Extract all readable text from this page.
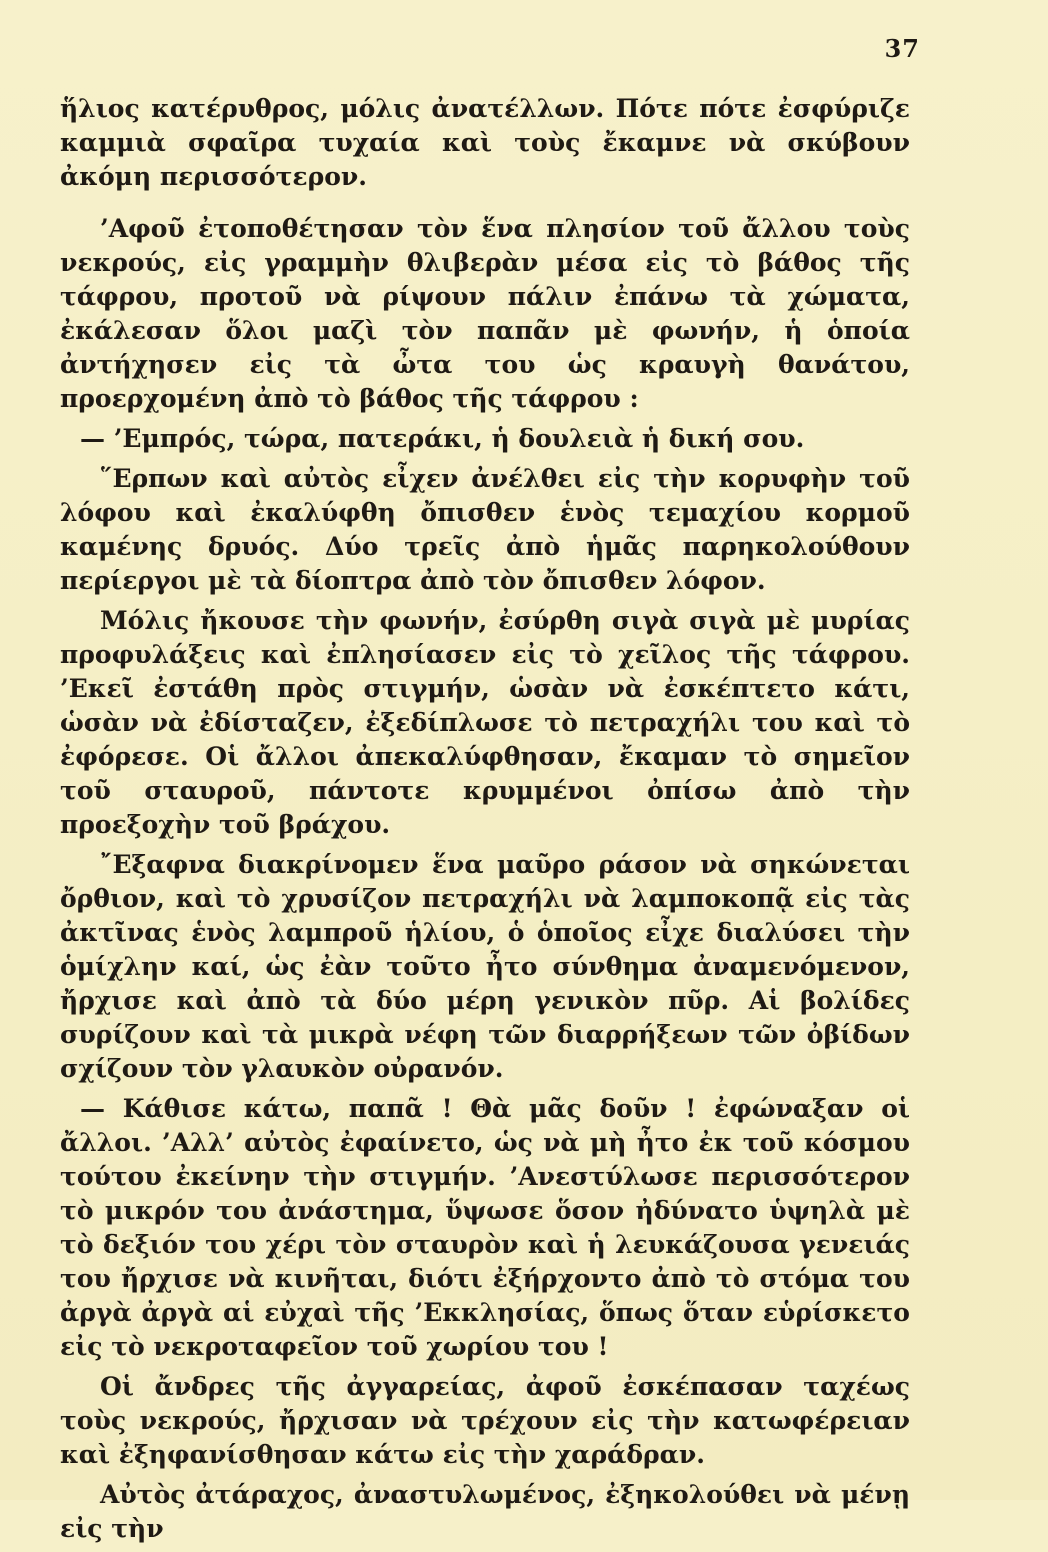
37

ἥλιος κατέρυθρος, μόλις ἀνατέλλων. Πότε πότε ἐσφύριζε καμμιὰ σφαῖρα τυχαία καὶ τοὺς ἔκαμνε νὰ σκύβουν ἀκόμη περισσότερον.

’Αφοῦ ἐτοποθέτησαν τὸν ἕνα πλησίον τοῦ ἄλλου τοὺς νεκρούς, εἰς γραμμὴν θλιβερὰν μέσα εἰς τὸ βάθος τῆς τάφρου, προτοῦ νὰ ρίψουν πάλιν ἐπάνω τὰ χώματα, ἐκάλεσαν ὅλοι μαζὶ τὸν παπᾶν μὲ φωνήν, ἡ ὁποία ἀντήχησεν εἰς τὰ ὦτα του ὡς κραυγὴ θανάτου, προερχομένη ἀπὸ τὸ βάθος τῆς τάφρου :

— ’Εμπρός, τώρα, πατεράκι, ἡ δουλειὰ ἡ δική σου.

῞Ερπων καὶ αὐτὸς εἶχεν ἀνέλθει εἰς τὴν κορυφὴν τοῦ λόφου καὶ ἐκαλύφθη ὄπισθεν ἑνὸς τεμαχίου κορμοῦ καμένης δρυός. Δύο τρεῖς ἀπὸ ἡμᾶς παρηκολούθουν περίεργοι μὲ τὰ δίοπτρα ἀπὸ τὸν ὄπισθεν λόφον.

Μόλις ἤκουσε τὴν φωνήν, ἐσύρθη σιγὰ σιγὰ μὲ μυρίας προφυλάξεις καὶ ἐπλησίασεν εἰς τὸ χεῖλος τῆς τάφρου. ’Εκεῖ ἐστάθη πρὸς στιγμήν, ὡσὰν νὰ ἐσκέπτετο κάτι, ὡσὰν νὰ ἐδίσταζεν, ἐξεδίπλωσε τὸ πετραχήλι του καὶ τὸ ἐφόρεσε. Οἱ ἄλλοι ἀπεκαλύφθησαν, ἔκαμαν τὸ σημεῖον τοῦ σταυροῦ, πάντοτε κρυμμένοι ὀπίσω ἀπὸ τὴν προεξοχὴν τοῦ βράχου.

῎Εξαφνα διακρίνομεν ἕνα μαῦρο ράσον νὰ σηκώνεται ὄρθιον, καὶ τὸ χρυσίζον πετραχήλι νὰ λαμποκοπᾷ εἰς τὰς ἀκτῖνας ἑνὸς λαμπροῦ ἡλίου, ὁ ὁποῖος εἶχε διαλύσει τὴν ὁμίχλην καί, ὡς ἐὰν τοῦτο ἦτο σύνθημα ἀναμενόμενον, ἤρχισε καὶ ἀπὸ τὰ δύο μέρη γενικὸν πῦρ. Αἱ βολίδες συρίζουν καὶ τὰ μικρὰ νέφη τῶν διαρρήξεων τῶν ὀβίδων σχίζουν τὸν γλαυκὸν οὐρανόν.

— Κάθισε κάτω, παπᾶ ! Θὰ μᾶς δοῦν ! ἐφώναξαν οἱ ἄλλοι. ’Αλλ’ αὐτὸς ἐφαίνετο, ὡς νὰ μὴ ἦτο ἐκ τοῦ κόσμου τούτου ἐκείνην τὴν στιγμήν. ’Ανεστύλωσε περισσότερον τὸ μικρόν του ἀνάστημα, ὕψωσε ὅσον ἠδύνατο ὑψηλὰ μὲ τὸ δεξιόν του χέρι τὸν σταυρὸν καὶ ἡ λευκάζουσα γενειάς του ἤρχισε νὰ κινῆται, διότι ἐξήρχοντο ἀπὸ τὸ στόμα του ἀργὰ ἀργὰ αἱ εὐχαὶ τῆς ’Εκκλησίας, ὅπως ὅταν εὑρίσκετο εἰς τὸ νεκροταφεῖον τοῦ χωρίου του !

Οἱ ἄνδρες τῆς ἀγγαρείας, ἀφοῦ ἐσκέπασαν ταχέως τοὺς νεκρούς, ἤρχισαν νὰ τρέχουν εἰς τὴν κατωφέρειαν καὶ ἐξηφανίσθησαν κάτω εἰς τὴν χαράδραν.

Αὐτὸς ἀτάραχος, ἀναστυλωμένος, ἐξηκολούθει νὰ μένῃ εἰς τὴν
